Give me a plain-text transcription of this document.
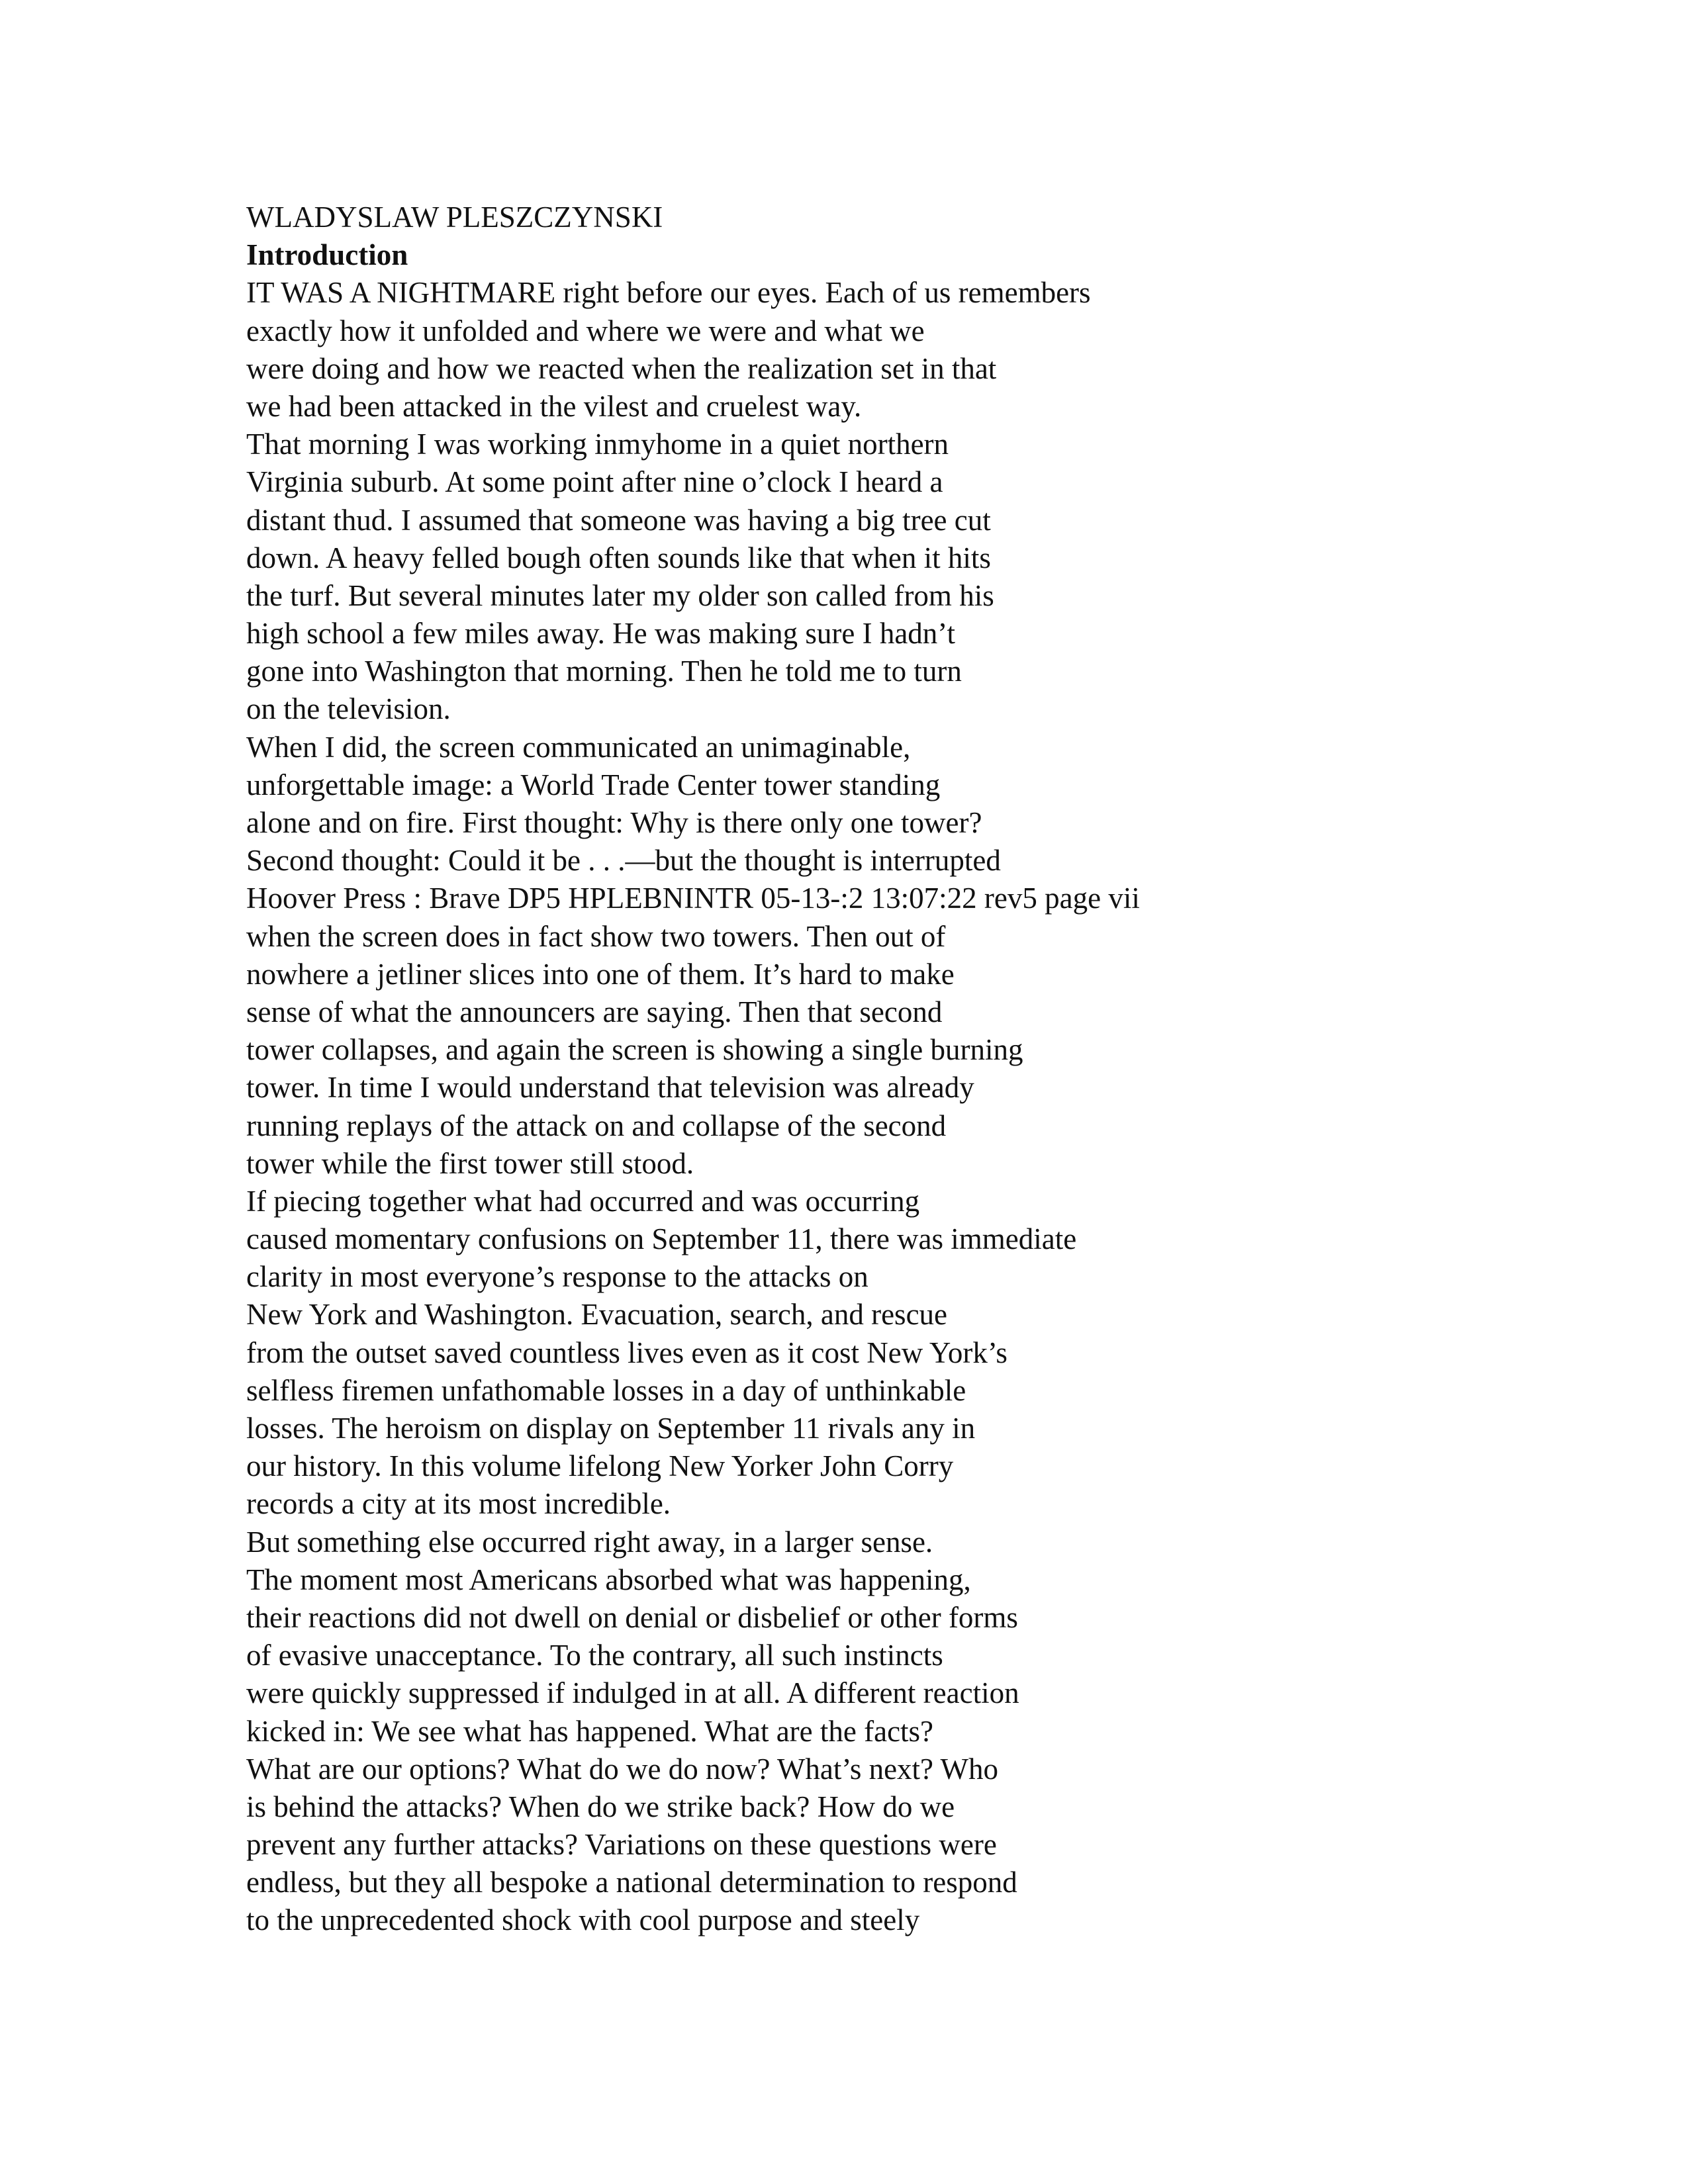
WLADYSLAW PLESZCZYNSKI
Introduction
IT WAS A NIGHTMARE right before our eyes. Each of us remembers
exactly how it unfolded and where we were and what we
were doing and how we reacted when the realization set in that
we had been attacked in the vilest and cruelest way.
That morning I was working inmyhome in a quiet northern
Virginia suburb. At some point after nine o’clock I heard a
distant thud. I assumed that someone was having a big tree cut
down. A heavy felled bough often sounds like that when it hits
the turf. But several minutes later my older son called from his
high school a few miles away. He was making sure I hadn’t
gone into Washington that morning. Then he told me to turn
on the television.
When I did, the screen communicated an unimaginable,
unforgettable image: a World Trade Center tower standing
alone and on fire. First thought: Why is there only one tower?
Second thought: Could it be . . .—but the thought is interrupted
Hoover Press : Brave DP5 HPLEBNINTR 05-13-:2 13:07:22 rev5 page vii
when the screen does in fact show two towers. Then out of
nowhere a jetliner slices into one of them. It’s hard to make
sense of what the announcers are saying. Then that second
tower collapses, and again the screen is showing a single burning
tower. In time I would understand that television was already
running replays of the attack on and collapse of the second
tower while the first tower still stood.
If piecing together what had occurred and was occurring
caused momentary confusions on September 11, there was immediate
clarity in most everyone’s response to the attacks on
New York and Washington. Evacuation, search, and rescue
from the outset saved countless lives even as it cost New York’s
selfless firemen unfathomable losses in a day of unthinkable
losses. The heroism on display on September 11 rivals any in
our history. In this volume lifelong New Yorker John Corry
records a city at its most incredible.
But something else occurred right away, in a larger sense.
The moment most Americans absorbed what was happening,
their reactions did not dwell on denial or disbelief or other forms
of evasive unacceptance. To the contrary, all such instincts
were quickly suppressed if indulged in at all. A different reaction
kicked in: We see what has happened. What are the facts?
What are our options? What do we do now? What’s next? Who
is behind the attacks? When do we strike back? How do we
prevent any further attacks? Variations on these questions were
endless, but they all bespoke a national determination to respond
to the unprecedented shock with cool purpose and steely
